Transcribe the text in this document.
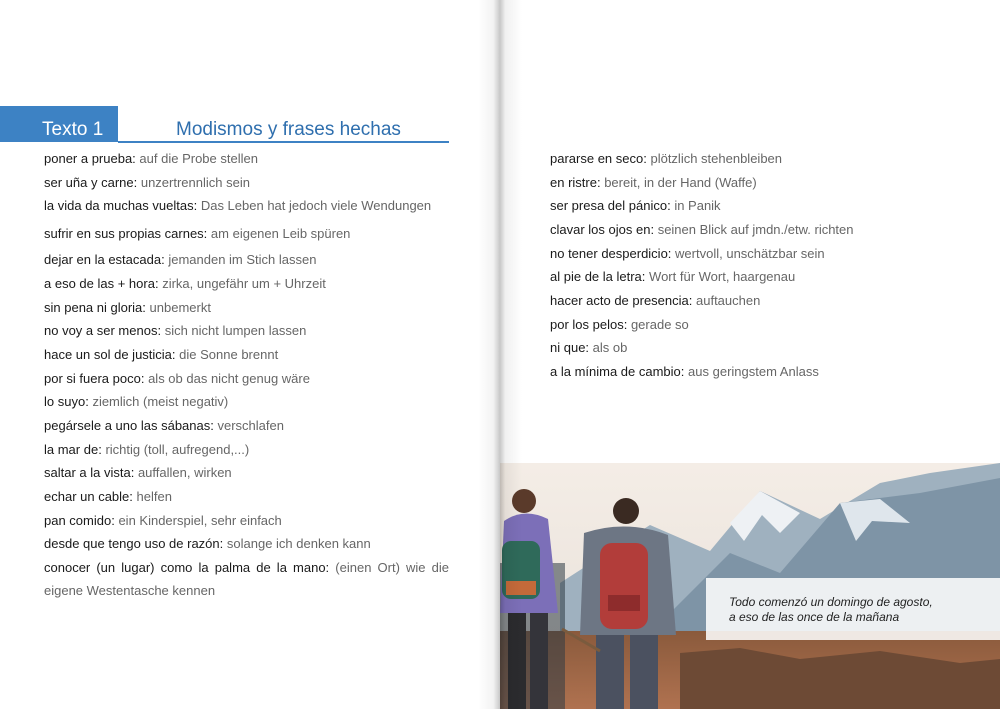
Texto 1	Modismos y frases hechas
poner a prueba: auf die Probe stellen
ser uña y carne: unzertrennlich sein
la vida da muchas vueltas: Das Leben hat jedoch viele Wendungen
sufrir en sus propias carnes: am eigenen Leib spüren
dejar en la estacada: jemanden im Stich lassen
a eso de las + hora: zirka, ungefähr um + Uhrzeit
sin pena ni gloria: unbemerkt
no voy a ser menos: sich nicht lumpen lassen
hace un sol de justicia: die Sonne brennt
por si fuera poco: als ob das nicht genug wäre
lo suyo: ziemlich (meist negativ)
pegársele a uno las sábanas: verschlafen
la mar de: richtig (toll, aufregend,...)
saltar a la vista: auffallen, wirken
echar un cable: helfen
pan comido: ein Kinderspiel, sehr einfach
desde que tengo uso de razón: solange ich denken kann
conocer (un lugar) como la palma de la mano: (einen Ort) wie die eigene Westentasche kennen
pararse en seco: plötzlich stehenbleiben
en ristre: bereit, in der Hand (Waffe)
ser presa del pánico: in Panik
clavar los ojos en: seinen Blick auf jmdn./etw. richten
no tener desperdicio: wertvoll, unschätzbar sein
al pie de la letra: Wort für Wort, haargenau
hacer acto de presencia: auftauchen
por los pelos: gerade so
ni que: als ob
a la mínima de cambio: aus geringstem Anlass
Todo comenzó un domingo de agosto,
a eso de las once de la mañana
